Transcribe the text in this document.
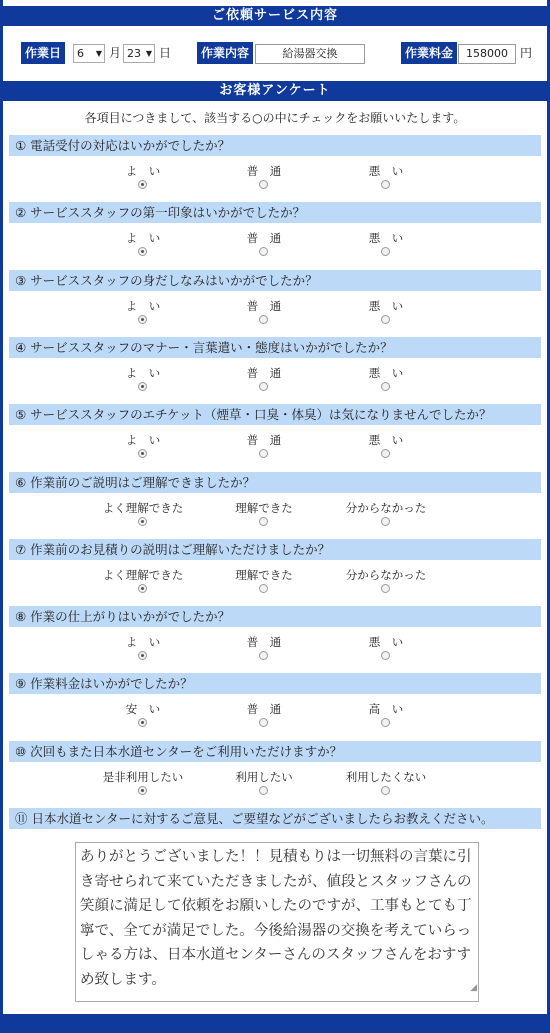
ご依頼サービス内容
作業日	6 ▼ 月 23 ▼ 日	作業内容	給湯器交換	作業料金	158000	円
お客様アンケート
各項目につきまして、該当する○の中にチェックをお願いいたします。
① 電話受付の対応はいかがでしたか？
よ　い	普　通	悪　い
② サービススタッフの第一印象はいかがでしたか？
よ　い	普　通	悪　い
③ サービススタッフの身だしなみはいかがでしたか？
よ　い	普　通	悪　い
④ サービススタッフのマナー・言葉遣い・態度はいかがでしたか？
よ　い	普　通	悪　い
⑤ サービススタッフのエチケット（煙草・口臭・体臭）は気になりませんでしたか？
よ　い	普　通	悪　い
⑥ 作業前のご説明はご理解できましたか？
よく理解できた	理解できた	分からなかった
⑦ 作業前のお見積りの説明はご理解いただけましたか？
よく理解できた	理解できた	分からなかった
⑧ 作業の仕上がりはいかがでしたか？
よ　い	普　通	悪　い
⑨ 作業料金はいかがでしたか？
安　い	普　通	高　い
⑩ 次回もまた日本水道センターをご利用いただけますか？
是非利用したい	利用したい	利用したくない
⑪ 日本水道センターに対するご意見、ご要望などがございましたらお教えください。
ありがとうございました！！見積もりは一切無料の言葉に引き寄せられて来ていただきましたが、値段とスタッフさんの笑顔に満足して依頼をお願いしたのですが、工事もとても丁寧で、全てが満足でした。今後給湯器の交換を考えていらっしゃる方は、日本水道センターさんのスタッフさんをおすすめ致します。	◢
